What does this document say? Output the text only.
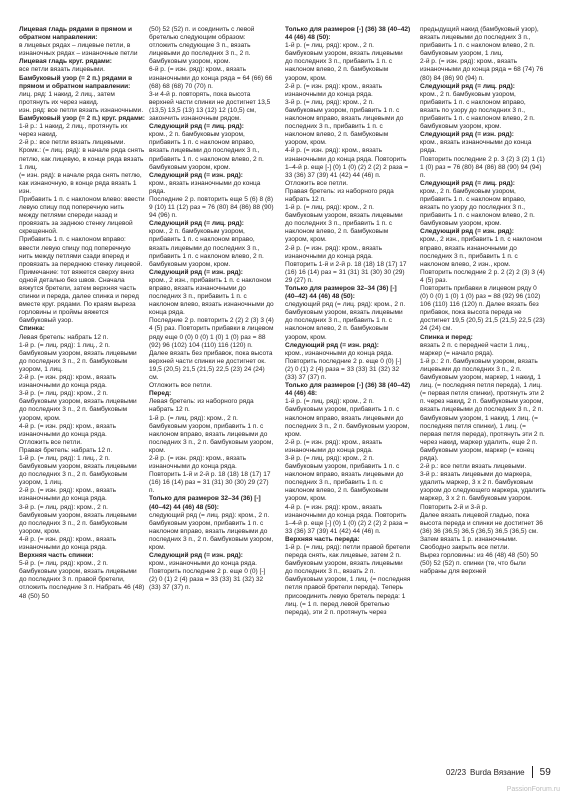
Лицевая гладь рядами в прямом и обратном направлении:

в лицевых рядах – лицевые петли, в изнаночных рядах – изнаночные петли

Лицевая гладь круг. рядами:

все петли вязать лицевыми.

Бамбуковый узор (= 2 п.) рядами в прямом и обратном направлении:

лиц. ряд: 1 накид, 2 лиц., затем протянуть их через накид.

изн. ряд: все петли вязать изнаночными.

Бамбуковый узор (= 2 п.) круг. рядами:

1-й р.: 1 накид, 2 лиц., протянуть их через накид.

2-й р.: все петли вязать лицевыми.

Кромк.: (= лиц. ряд): в начале ряда снять петлю, как лицевую, в конце ряда вязать 1 лиц.

(= изн. ряд): в начале ряда снять петлю, как изнаночную, в конце ряда вязать 1 изн.

Прибавить 1 п. с наклоном влево: ввести левую спицу под поперечную нить между петлями спереди назад и провязать за заднюю стенку лицевой скрещенной.

Прибавить 1 п. с наклоном вправо: ввести левую спицу под поперечную нить между петлями сзади вперед и провязать за переднюю стенку лицевой.

Примечание: тот вяжется сверху вниз одной деталью без швов. Сначала вяжутся бретели, затем верхняя часть спинки и переда, далее спинка и перед вместе круг. рядами. По краям выреза горловины и проймы вяжется бамбуковый узор.

Спинка:

Левая бретель: набрать 12 п.

1-й р. (= лиц. ряд): 1 лиц., 2 п. бамбуковым узором, вязать лицевыми до последних 3 п., 2 п. бамбуковым узором, 1 лиц.

2-й р. (= изн. ряд): кром., вязать изнаночными до конца ряда.

3-й р. (= лиц. ряд): кром., 2 п. бамбуковым узором, вязать лицевыми до последних 3 п., 2 п. бамбуковым узором, кром.

4-й р. (= изн. ряд): кром., вязать изнаночными до конца ряда.

Отложить все петли.

Правая бретель: набрать 12 п.

1-й р. (= лиц. ряд): 1 лиц., 2 п. бамбуковым узором, вязать лицевыми до последних 3 п., 2 п. бамбуковым узором, 1 лиц.

2-й р. (= изн. ряд): кром., вязать изнаночными до конца ряда.

3-й р. (= лиц. ряд): кром., 2 п. бамбуковым узором, вязать лицевыми до последних 3 п., 2 п. бамбуковым узором, кром.

4-й р. (= изн. ряд): кром., вязать изнаночными до конца ряда.

Верхняя часть спинки:

5-й р. (= лиц. ряд): кром., 2 п. бамбуковым узором, вязать лицевыми до последних 3 п. правой бретели, отложить последние 3 п. Набрать 46 (48) 48 (50) 50

(50) 52 (52) п. и соединить с левой бретелью следующим образом: отложить следующие 3 п., вязать лицевыми до последних 3 п., 2 п. бамбуковым узором, кром.

6-й р. (= изн. ряд): кром., вязать изнаночными до конца ряда = 64 (66) 66 (68) 68 (68) 70 (70) п.

3-и 4-й р. повторять, пока высота верхней части спинки не достигнет 13,5 (13,5) 13,5 (13) 13 (12) 12 (10,5) см, закончить изнаночным рядом.

Следующий ряд (= лиц. ряд):

кром., 2 п. бамбуковым узором, прибавить 1 п. с наклоном вправо, вязать лицевыми до последних 3 п., прибавить 1 п. с наклоном влево, 2 п. бамбуковым узором, кром.

Следующий ряд (= изн. ряд):

кром., вязать изнаночными до конца ряда.

Последние 2 р. повторить еще 5 (6) 8 (8) 9 (10) 11 (12) раз = 76 (80) 84 (86) 88 (90) 94 (96) п.

Следующий ряд (= лиц. ряд):

кром., 2 п. бамбуковым узором, прибавить 1 п. с наклоном вправо, вязать лицевыми до последних 3 п., прибавить 1 п. с наклоном влево, 2 п. бамбуковым узором, кром.

Следующий ряд (= изн. ряд):

кром., 2 изн., прибавить 1 п. с наклоном вправо, вязать изнаночными до последних 3 п., прибавить 1 п. с наклоном влево, вязать изнаночными до конца ряда.

Последние 2 р. повторить 2 (2) 2 (3) 3 (4) 4 (5) раз. Повторить прибавки в лицевом ряду еще 0 (0) 0 (0) 1 (0) 1 (0) раз = 88 (92) 96 (102) 104 (110) 116 (120) п.

Далее вязать без прибавок, пока высота верхней части спинки не достигнет ок. 19,5 (20,5) 21,5 (21,5) 22,5 (23) 24 (24) см.

Отложить все петли.

Перед:

Левая бретель: из наборного ряда набрать 12 п.

1-й р. (= лиц. ряд): кром., 2 п. бамбуковым узором, прибавить 1 п. с наклоном вправо, вязать лицевыми до последних 3 п., 2 п. бамбуковым узором, кром.

2-й р. (= изн. ряд): кром., вязать изнаночными до конца ряда.

Повторить 1-й и 2-й р. 18 (18) 18 (17) 17 (16) 16 (14) раз = 31 (31) 30 (30) 29 (27) п.

Только для размеров 32–34 (36) [-] (40–42) 44 (46) 48 (50):

следующий ряд (= лиц. ряд): кром., 2 п. бамбуковым узором, прибавить 1 п. с наклоном вправо, вязать лицевыми до последних 3 п., 2 п. бамбуковым узором, кром.

Следующий ряд (= изн. ряд):

кром., изнаночными до конца ряда. Повторить последние 2 р. еще 0 (0) [-] (2) 0 (1) 2 (4) раза = 33 (33) 31 (32) 32 (33) 37 (37) п.

Только для размеров [-] (36) 38 (40–42) 44 (46) 48 (50):

1-й р. (= лиц. ряд): кром., 2 п. бамбуковым узором, вязать лицевыми до последних 3 п., прибавить 1 п. с наклоном влево, 2 п. бамбуковым узором, кром.

2-й р. (= изн. ряд): кром., вязать изнаночными до конца ряда.

3-й р. (= лиц. ряд): кром., 2 п. бамбуковым узором, прибавить 1 п. с наклоном вправо, вязать лицевыми до последних 3 п., прибавить 1 п. с наклоном влево, 2 п. бамбуковым узором, кром.

4-й р. (= изн. ряд): кром., вязать изнаночными до конца ряда. Повторить 1–4-й р. еще [-] (0) 1 (0) (2) 2 (2) 2 раза = 33 (36) 37 (39) 41 (42) 44 (46) п.

Отложить все петли.

Правая бретель: из наборного ряда набрать 12 п.

1-й р. (= лиц. ряд): кром., 2 п. бамбуковым узором, вязать лицевыми до последних 3 п., прибавить 1 п. с наклоном влево, 2 п. бамбуковым узором, кром.

2-й р. (= изн. ряд): кром., вязать изнаночными до конца ряда.

Повторить 1-й и 2-й р. 18 (18) 18 (17) 17 (16) 16 (14) раз = 31 (31) 31 (30) 30 (29) 29 (27) п.

Только для размеров 32–34 (36) [-] (40–42) 44 (46) 48 (50):

следующий ряд (= лиц. ряд): кром., 2 п. бамбуковым узором, вязать лицевыми до последних 3 п., прибавить 1 п. с наклоном влево, 2 п. бамбуковым узором, кром.

Следующий ряд (= изн. ряд):

кром., изнаночными до конца ряда. Повторить последние 2 р. еще 0 (0) [-] (2) 0 (1) 2 (4) раза = 33 (33) 31 (32) 32 (33) 37 (37) п.

Только для размеров [-] (36) 38 (40–42) 44 (46) 48:

1-й р. (= лиц. ряд): кром., 2 п. бамбуковым узором, прибавить 1 п. с наклоном вправо, вязать лицевыми до последних 3 п., 2 п. бамбуковым узором, кром.

2-й р. (= изн. ряд): кром., вязать изнаночными до конца ряда.

3-й р. (= лиц. ряд): кром., 2 п. бамбуковым узором, прибавить 1 п. с наклоном вправо, вязать лицевыми до последних 3 п., прибавить 1 п. с наклоном влево, 2 п. бамбуковым узором, кром.

4-й р. (= изн. ряд): кром., вязать изнаночными до конца ряда. Повторить 1–4-й р. еще [-] (0) 1 (0) (2) 2 (2) 2 раза = 33 (36) 37 (39) 41 (42) 44 (46) п.

Верхняя часть переда:

1-й р. (= лиц. ряд): петли правой бретели переда снять, как лицевые, затем 2 п. бамбуковым узором, вязать лицевыми до последних 3 п., вязать 2 п. бамбуковым узором, 1 лиц. (= последняя петля правой бретели переда). Теперь присоединить левую бретель переда: 1 лиц. (= 1 п. перед левой бретелью переда), эти 2 п. протянуть через

предыдущий накид (бамбуковый узор), вязать лицевыми до последних 3 п., прибавить 1 п. с наклоном влево, 2 п. бамбуковым узором, 1 лиц.

2-й р. (= изн. ряд): кром., вязать изнаночными до конца ряда = 68 (74) 76 (80) 84 (86) 90 (94) п.

Следующий ряд (= лиц. ряд):

кром., 2 п. бамбуковым узором, прибавить 1 п. с наклоном вправо, вязать по узору до последних 3 п., прибавить 1 п. с наклоном влево, 2 п. бамбуковым узором, кром.

Следующий ряд (= изн. ряд):

кром., вязать изнаночными до конца ряда.

Повторить последние 2 р. 3 (2) 3 (2) 1 (1) 1 (0) раз = 76 (80) 84 (86) 88 (90) 94 (94) п.

Следующий ряд (= лиц. ряд):

кром., 2 п. бамбуковым узором, прибавить 1 п. с наклоном вправо, вязать по узору до последних 3 п., прибавить 1 п. с наклоном влево, 2 п. бамбуковым узором, кром.

Следующий ряд (= изн. ряд):

кром., 2 изн., прибавить 1 п. с наклоном вправо, вязать изнаночными до последних 3 п., прибавить 1 п. с наклоном влево, 2 изн., кром.

Повторить последние 2 р. 2 (2) 2 (3) 3 (4) 4 (5) раз.

Повторить прибавки в лицевом ряду 0 (0) 0 (0) 1 (0) 1 (0) раз = 88 (92) 96 (102) 106 (110) 116 (120) п. Далее вязать без прибавок, пока высота переда не достигнет 19,5 (20,5) 21,5 (21,5) 22,5 (23) 24 (24) см.

Спинка и перед:

вязать 2 п. с передней части 1 лиц., маркер (= начало ряда).

1-й р.: 2 п. бамбуковым узором, вязать лицевыми до последних 3 п., 2 п. бамбуковым узором, маркер, 1 накид, 1 лиц. (= последняя петля переда), 1 лиц. (= первая петля спинки), протянуть эти 2 п. через накид, 2 п. бамбуковым узором, вязать лицевыми до последних 3 п., 2 п. бамбуковым узором, 1 накид, 1 лиц. (= последняя петля спинки), 1 лиц. (= первая петля переда), протянуть эти 2 п. через накид, маркер удалить, еще 2 п. бамбуковым узором, маркер (= конец ряда).

2-й р.: все петли вязать лицевыми.

3-й р.: вязать лицевыми до маркера, удалить маркер, 3 х 2 п. бамбуковым узором до следующего маркера, удалить маркер, 3 х 2 п. бамбуковым узором.

Повторить 2-й и 3-й р.

Далее вязать лицевой гладью, пока высота переда и спинки не достигнет 36 (36) 36 (36,5) 36,5 (36,5) 36,5 (36,5) см. Затем вязать 1 р. изнаночными. Свободно закрыть все петли.

Вырез горловины: из 46 (48) 48 (50) 50 (50) 52 (52) п. спинки (те, что были набраны для верхней

02/23 Burda Вязание 59
PassionForum.ru
